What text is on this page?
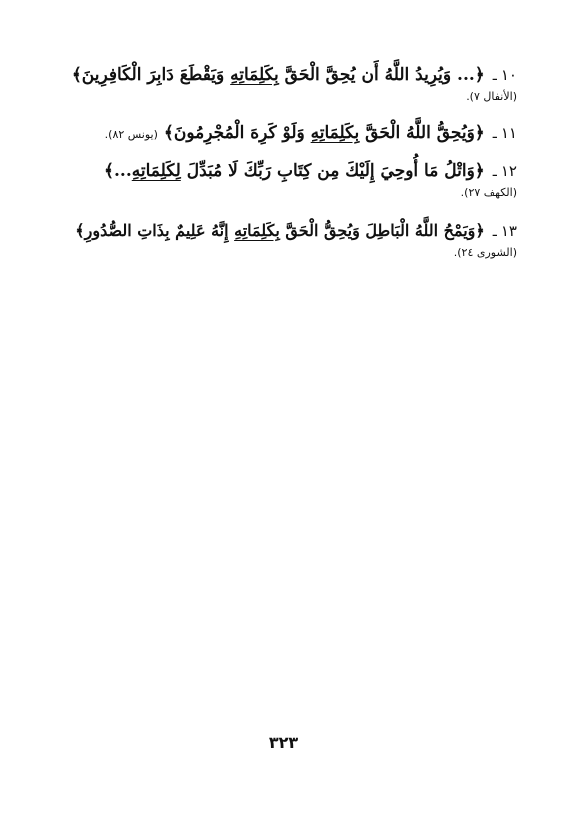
١٠
ـ
﴿... وَيُرِيدُ اللَّهُ أَن يُحِقَّ الْحَقَّ بِكَلِمَاتِهِ وَيَقْطَعَ دَابِرَ الْكَافِرِينَ﴾
(الأنفال ٧).
١١
ـ
﴿وَيُحِقُّ اللَّهُ الْحَقَّ بِكَلِمَاتِهِ وَلَوْ كَرِهَ الْمُجْرِمُونَ﴾
(يونس ٨٢).
١٢
ـ
﴿وَاتْلُ مَا أُوحِيَ إِلَيْكَ مِن كِتَابِ رَبِّكَ لَا مُبَدِّلَ لِكَلِمَاتِهِ...﴾
(الكهف ٢٧).
١٣
ـ
﴿وَيَمْحُ اللَّهُ الْبَاطِلَ وَيُحِقُّ الْحَقَّ بِكَلِمَاتِهِ إِنَّهُ عَلِيمٌ بِذَاتِ الصُّدُورِ﴾
(الشورى ٢٤).
٣٢٣
